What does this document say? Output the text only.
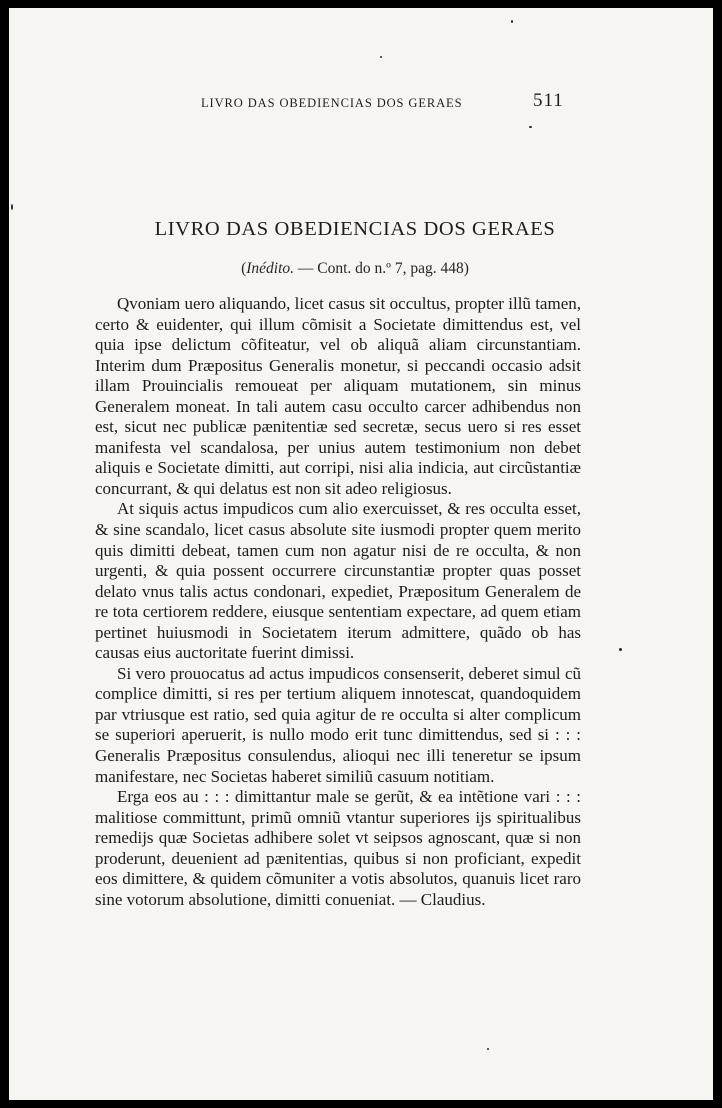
LIVRO DAS OBEDIENCIAS DOS GERAES	511
LIVRO DAS OBEDIENCIAS DOS GERAES
(Inédito. — Cont. do n.º 7, pag. 448)

Qvoniam uero aliquando, licet casus sit occultus, propter illũ tamen, certo & euidenter, qui illum cõmisit a Societate dimittendus est, vel quia ipse delictum cõfiteatur, vel ob aliquã aliam circunstantiam. Interim dum Præpositus Generalis monetur, si peccandi occasio adsit illam Prouincialis remoueat per aliquam mutationem, sin minus Generalem moneat. In tali autem casu occulto carcer adhibendus non est, sicut nec publicæ pænitentiæ sed secretæ, secus uero si res esset manifesta vel scandalosa, per unius autem testimonium non debet aliquis e Societate dimitti, aut corripi, nisi alia indicia, aut circũstantiæ concurrant, & qui delatus est non sit adeo religiosus.

At siquis actus impudicos cum alio exercuisset, & res occulta esset, & sine scandalo, licet casus absolute site iusmodi propter quem merito quis dimitti debeat, tamen cum non agatur nisi de re occulta, & non urgenti, & quia possent occurrere circunstantiæ propter quas posset delato vnus talis actus condonari, expediet, Præpositum Generalem de re tota certiorem reddere, eiusque sententiam expectare, ad quem etiam pertinet huiusmodi in Societatem iterum admittere, quãdo ob has causas eius auctoritate fuerint dimissi.

Si vero prouocatus ad actus impudicos consenserit, deberet simul cũ complice dimitti, si res per tertium aliquem innotescat, quandoquidem par vtriusque est ratio, sed quia agitur de re occulta si alter complicum se superiori aperuerit, is nullo modo erit tunc dimittendus, sed si : : : Generalis Præpositus consulendus, alioqui nec illi teneretur se ipsum manifestare, nec Societas haberet similiũ casuum notitiam.

Erga eos au : : : dimittantur male se gerũt, & ea intẽtione vari : : : malitiose committunt, primũ omniũ vtantur superiores ijs spiritualibus remedijs quæ Societas adhibere solet vt seipsos agnoscant, quæ si non proderunt, deuenient ad pænitentias, quibus si non proficiant, expedit eos dimittere, & quidem cõmuniter a votis absolutos, quanuis licet raro sine votorum absolutione, dimitti conueniat. — Claudius.
